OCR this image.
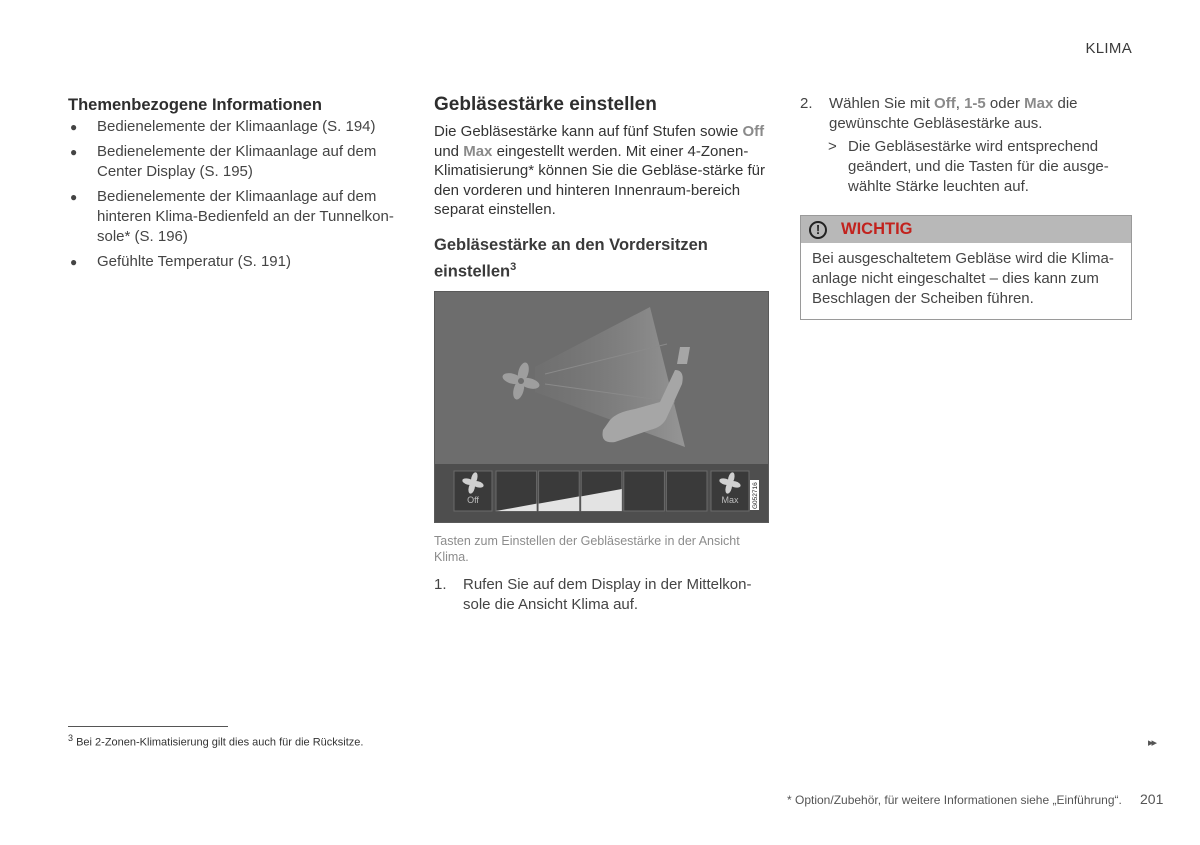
KLIMA
Themenbezogene Informationen
● Bedienelemente der Klimaanlage (S. 194)
● Bedienelemente der Klimaanlage auf dem Center Display (S. 195)
● Bedienelemente der Klimaanlage auf dem hinteren Klima-Bedienfeld an der Tunnelkon-sole* (S. 196)
● Gefühlte Temperatur (S. 191)
Gebläsestärke einstellen

Die Gebläsestärke kann auf fünf Stufen sowie Off und Max eingestellt werden. Mit einer 4-Zonen-Klimatisierung* können Sie die Gebläse-stärke für den vorderen und hinteren Innenraum-bereich separat einstellen.

Gebläsestärke an den Vordersitzen einstellen$^3$
Off	Max G052716
Tasten zum Einstellen der Gebläsestärke in der Ansicht Klima.
1. Rufen Sie auf dem Display in der Mittelkon-sole die Ansicht Klima auf.
2. Wählen Sie mit Off, 1-5 oder Max die gewünschte Gebläsestärke aus.
> Die Gebläsestärke wird entsprechend geändert, und die Tasten für die ausge-wählte Stärke leuchten auf.
!	WICHTIG
Bei ausgeschaltetem Gebläse wird die Klima-anlage nicht eingeschaltet – dies kann zum Beschlagen der Scheiben führen.
$^3$ Bei 2-Zonen-Klimatisierung gilt dies auch für die Rücksitze.	▸▸
* Option/Zubehör, für weitere Informationen siehe „Einführung“. 201
